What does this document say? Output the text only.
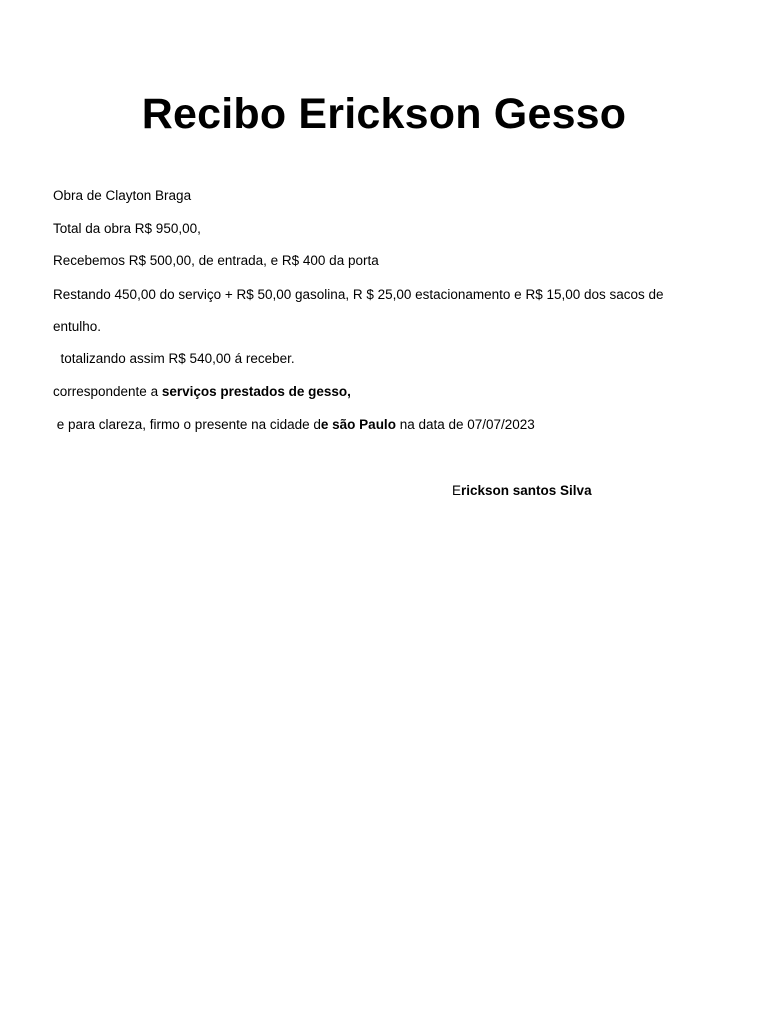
Recibo Erickson Gesso
Obra de Clayton Braga
Total da obra R$ 950,00,
Recebemos R$ 500,00, de entrada, e R$ 400 da porta
Restando 450,00 do serviço + R$ 50,00 gasolina, R $ 25,00 estacionamento e R$ 15,00 dos sacos de
entulho.
totalizando assim R$ 540,00 á receber.
correspondente a serviços prestados de gesso,
e para clareza, firmo o presente na cidade de são Paulo na data de 07/07/2023
Erickson santos Silva
